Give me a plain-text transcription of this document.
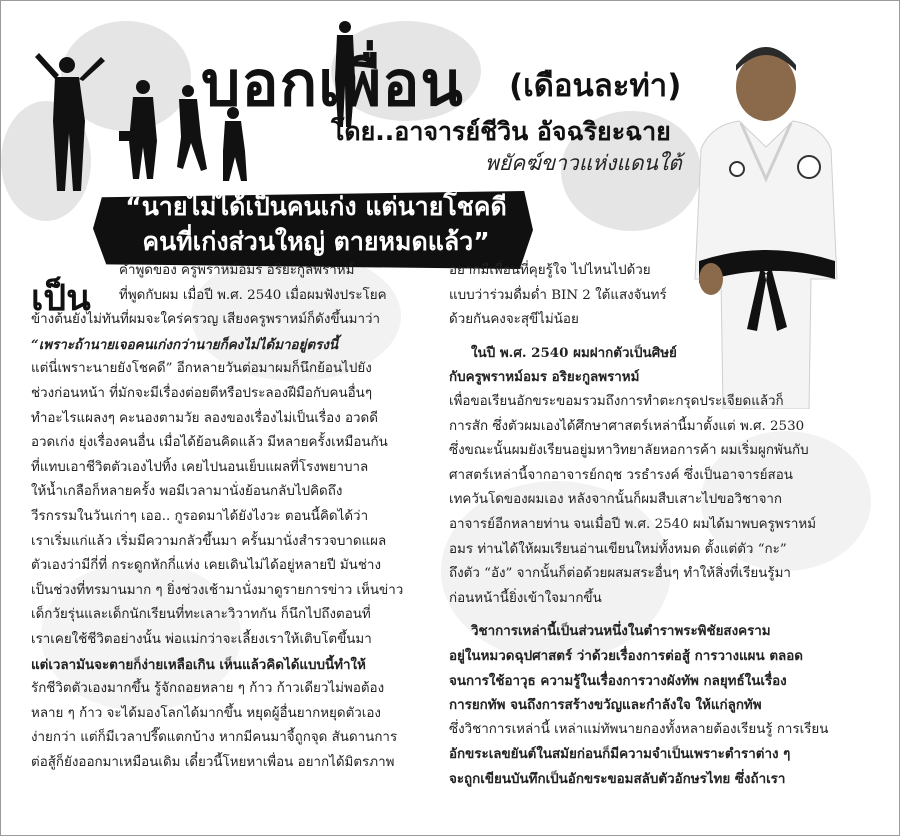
บอกเพื่อน (เดือนละท่า)
โดย..อาจารย์ชีวิน อัจฉริยะฉาย
พยัคฆ์ขาวแห่งแดนใต้
“นายไม่ได้เป็นคนเก่ง แต่นายโชคดี
คนที่เก่งส่วนใหญ่ ตายหมดแล้ว”
เป็น

คำพูดของ ครูพราหม์อมร อริยะกูลพราหม์

ที่พูดกับผม เมื่อปี พ.ศ. 2540 เมื่อผมฟังประโยค

ข้างต้นยังไม่ทันที่ผมจะใคร่ครวญ เสียงครูพราหม์ก็ดังขึ้นมาว่า

“เพราะถ้านายเจอคนเก่งกว่านายก็คงไม่ได้มาอยู่ตรงนี้

แต่นี่เพราะนายยังโชคดี” อีกหลายวันต่อมาผมก็นึกย้อนไปยัง

ช่วงก่อนหน้า ที่มักจะมีเรื่องต่อยตีหรือประลองฝีมือกับคนอื่นๆ

ทำอะไรแผลงๆ คะนองตามวัย ลองของเรื่องไม่เป็นเรื่อง อวดดี

อวดเก่ง ยุ่งเรื่องคนอื่น เมื่อได้ย้อนคิดแล้ว มีหลายครั้งเหมือนกัน

ที่แทบเอาชีวิตตัวเองไปทิ้ง เคยไปนอนเย็บแผลที่โรงพยาบาล

ให้น้ำเกลือก็หลายครั้ง พอมีเวลามานั่งย้อนกลับไปคิดถึง

วีรกรรมในวันเก่าๆ เออ.. กูรอดมาได้ยังไงวะ ตอนนี้คิดได้ว่า

เราเริ่มแก่แล้ว เริ่มมีความกลัวขึ้นมา ครั้นมานั่งสำรวจบาดแผล

ตัวเองว่ามีกี่ที่ กระดูกหักกี่แห่ง เคยเดินไม่ได้อยู่หลายปี มันช่าง

เป็นช่วงที่ทรมานมาก ๆ ยิ่งช่วงเช้ามานั่งมาดูรายการข่าว เห็นข่าว

เด็กวัยรุ่นและเด็กนักเรียนที่ทะเลาะวิวาทกัน ก็นึกไปถึงตอนที่

เราเคยใช้ชีวิตอย่างนั้น พ่อแม่กว่าจะเลี้ยงเราให้เติบโตขึ้นมา

แต่เวลามันจะตายก็ง่ายเหลือเกิน เห็นแล้วคิดได้แบบนี้ทำให้

รักชีวิตตัวเองมากขึ้น รู้จักถอยหลาย ๆ ก้าว ก้าวเดียวไม่พอต้อง

หลาย ๆ ก้าว จะได้มองโลกได้มากขึ้น หยุดผู้อื่นยากหยุดตัวเอง

ง่ายกว่า แต่ก็มีเวลาปรี๊ดแตกบ้าง หากมีคนมาจี้ถูกจุด สันดานการ

ต่อสู้ก็ยังออกมาเหมือนเดิม เดี๋ยวนี้โหยหาเพื่อน อยากได้มิตรภาพ

อยากมีเพื่อนที่คุยรู้ใจ ไปไหนไปด้วย

แบบว่าร่วมดื่มด่ำ BIN 2 ใต้แสงจันทร์

ด้วยกันคงจะสุขีไม่น้อย

ในปี พ.ศ. 2540 ผมฝากตัวเป็นศิษย์

กับครูพราหม์อมร อริยะกูลพราหม์

เพื่อขอเรียนอักขระขอมรวมถึงการทำตะกรุดประเจียดแล้วก็

การสัก ซึ่งตัวผมเองได้ศึกษาศาสตร์เหล่านี้มาตั้งแต่ พ.ศ. 2530

ซึ่งขณะนั้นผมยังเรียนอยู่มหาวิทยาลัยหอการค้า ผมเริ่มผูกพันกับ

ศาสตร์เหล่านี้จากอาจารย์กฤช วรธำรงค์ ซึ่งเป็นอาจารย์สอน

เทควันโดของผมเอง หลังจากนั้นก็ผมสืบเสาะไปขอวิชาจาก

อาจารย์อีกหลายท่าน จนเมื่อปี พ.ศ. 2540 ผมได้มาพบครูพราหม์

อมร ท่านได้ให้ผมเรียนอ่านเขียนใหม่ทั้งหมด ตั้งแต่ตัว “กะ”

ถึงตัว “อัง” จากนั้นก็ต่อด้วยผสมสระอื่นๆ ทำให้สิ่งที่เรียนรู้มา

ก่อนหน้านี้ยิ่งเข้าใจมากขึ้น

วิชาการเหล่านี้เป็นส่วนหนึ่งในตำราพระพิชัยสงคราม

อยู่ในหมวดฉุปศาสตร์ ว่าด้วยเรื่องการต่อสู้ การวางแผน ตลอด

จนการใช้อาวุธ ความรู้ในเรื่องการวางผังทัพ กลยุทธ์ในเรื่อง

การยกทัพ จนถึงการสร้างขวัญและกำลังใจ ให้แก่ลูกทัพ

ซึ่งวิชาการเหล่านี้ เหล่าแม่ทัพนายกองทั้งหลายต้องเรียนรู้ การเรียน

อักขระเลขยันต์ในสมัยก่อนก็มีความจำเป็นเพราะตำราต่าง ๆ

จะถูกเขียนบันทึกเป็นอักขระขอมสลับตัวอักษรไทย ซึ่งถ้าเรา
